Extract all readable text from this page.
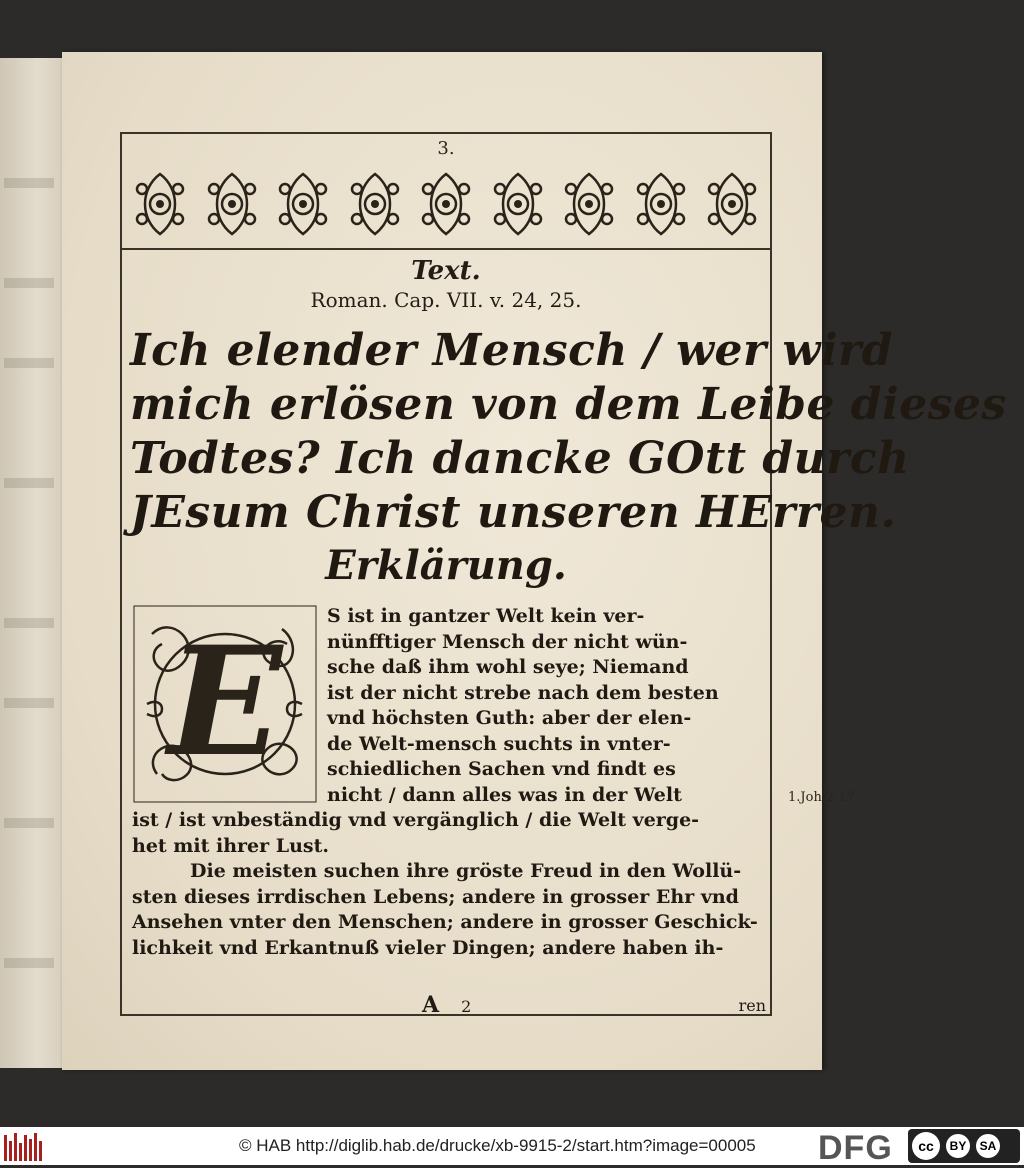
3.
Text.
Roman. Cap. VII. v. 24, 25.
Ich elender Mensch / wer wird
mich erlösen von dem Leibe dieses
Todtes? Ich dancke GOtt durch
JEsum Christ unseren HErren.
Erklärung.
E S ist in gantzer Welt kein ver-
nünfftiger Mensch der nicht wün-
sche daß ihm wohl seye; Niemand
ist der nicht strebe nach dem besten
vnd höchsten Guth: aber der elen-
de Welt-mensch suchts in vnter-
schiedlichen Sachen vnd findt es
nicht / dann alles was in der Welt
ist / ist vnbeständig vnd vergänglich / die Welt verge-
het mit ihrer Lust.
Die meisten suchen ihre gröste Freud in den Wollü-
sten dieses irrdischen Lebens; andere in grosser Ehr vnd
Ansehen vnter den Menschen; andere in grosser Geschick-
lichkeit vnd Erkantnuß vieler Dingen; andere haben ih-
A 2	ren
1.Joh.2.17.
© HAB http://diglib.hab.de/drucke/xb-9915-2/start.htm?image=00005 DFG	cc	BY	SA
